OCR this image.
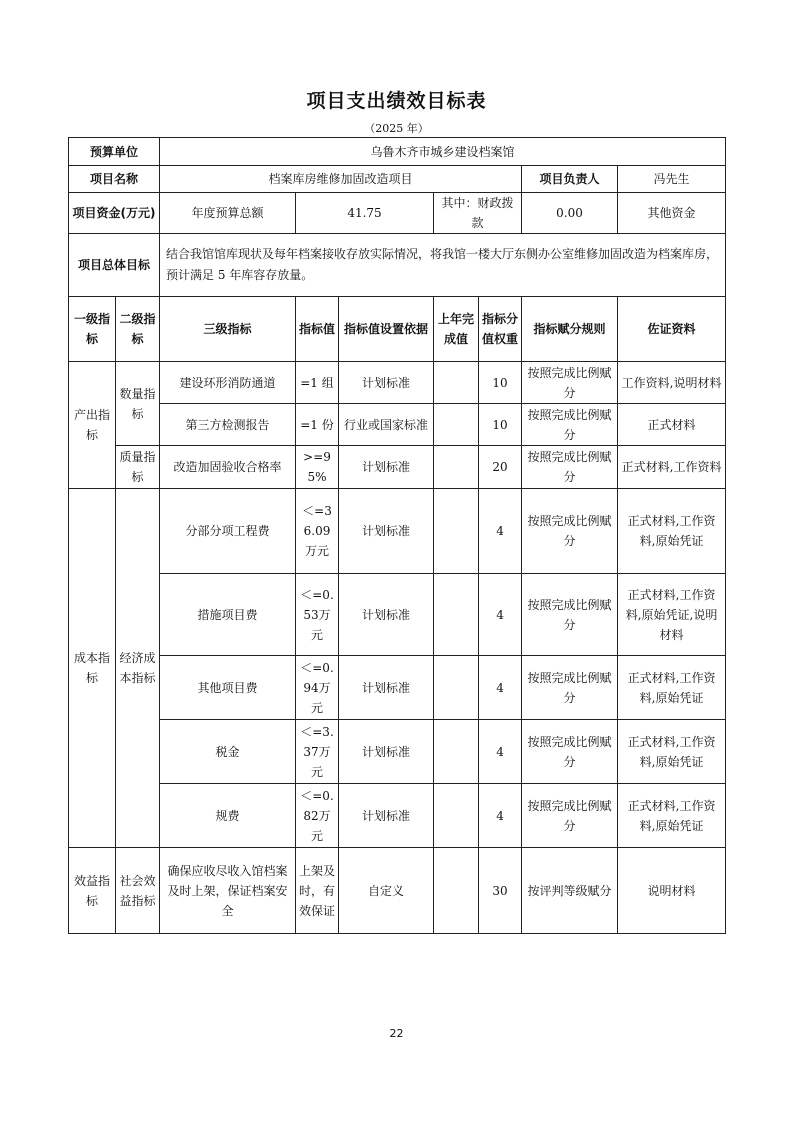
项目支出绩效目标表
（2025 年）
预算单位		乌鲁木齐市城乡建设档案馆						
项目名称		档案库房维修加固改造项目					项目负责人	冯先生
项目资金(万元)		年度预算总额	41.75		其中：财政拨款		0.00	其他资金
项目总体目标		结合我馆馆库现状及每年档案接收存放实际情况，将我馆一楼大厅东侧办公室维修加固改造为档案库房，预计满足 5 年库容存放量。						
一级指标	二级指标	三级指标	指标值	指标值设置依据	上年完成值	指标分值权重	指标赋分规则	佐证资料
产出指标	数量指标	建设环形消防通道	=1 组	计划标准		10	按照完成比例赋分	工作资料,说明材料
		第三方检测报告	=1 份	行业或国家标准		10	按照完成比例赋分	正式材料
	质量指标	改造加固验收合格率	>=95%	计划标准		20	按照完成比例赋分	正式材料,工作资料
成本指标	经济成本指标	分部分项工程费	＜=36.09万元	计划标准		4	按照完成比例赋分	正式材料,工作资料,原始凭证
		措施项目费	＜=0.53万元	计划标准		4	按照完成比例赋分	正式材料,工作资料,原始凭证,说明材料
		其他项目费	＜=0.94万元	计划标准		4	按照完成比例赋分	正式材料,工作资料,原始凭证
		税金	＜=3.37万元	计划标准		4	按照完成比例赋分	正式材料,工作资料,原始凭证
		规费	＜=0.82万元	计划标准		4	按照完成比例赋分	正式材料,工作资料,原始凭证
效益指标	社会效益指标	确保应收尽收入馆档案及时上架，保证档案安全	上架及时，有效保证	自定义		30	按评判等级赋分	说明材料
22
